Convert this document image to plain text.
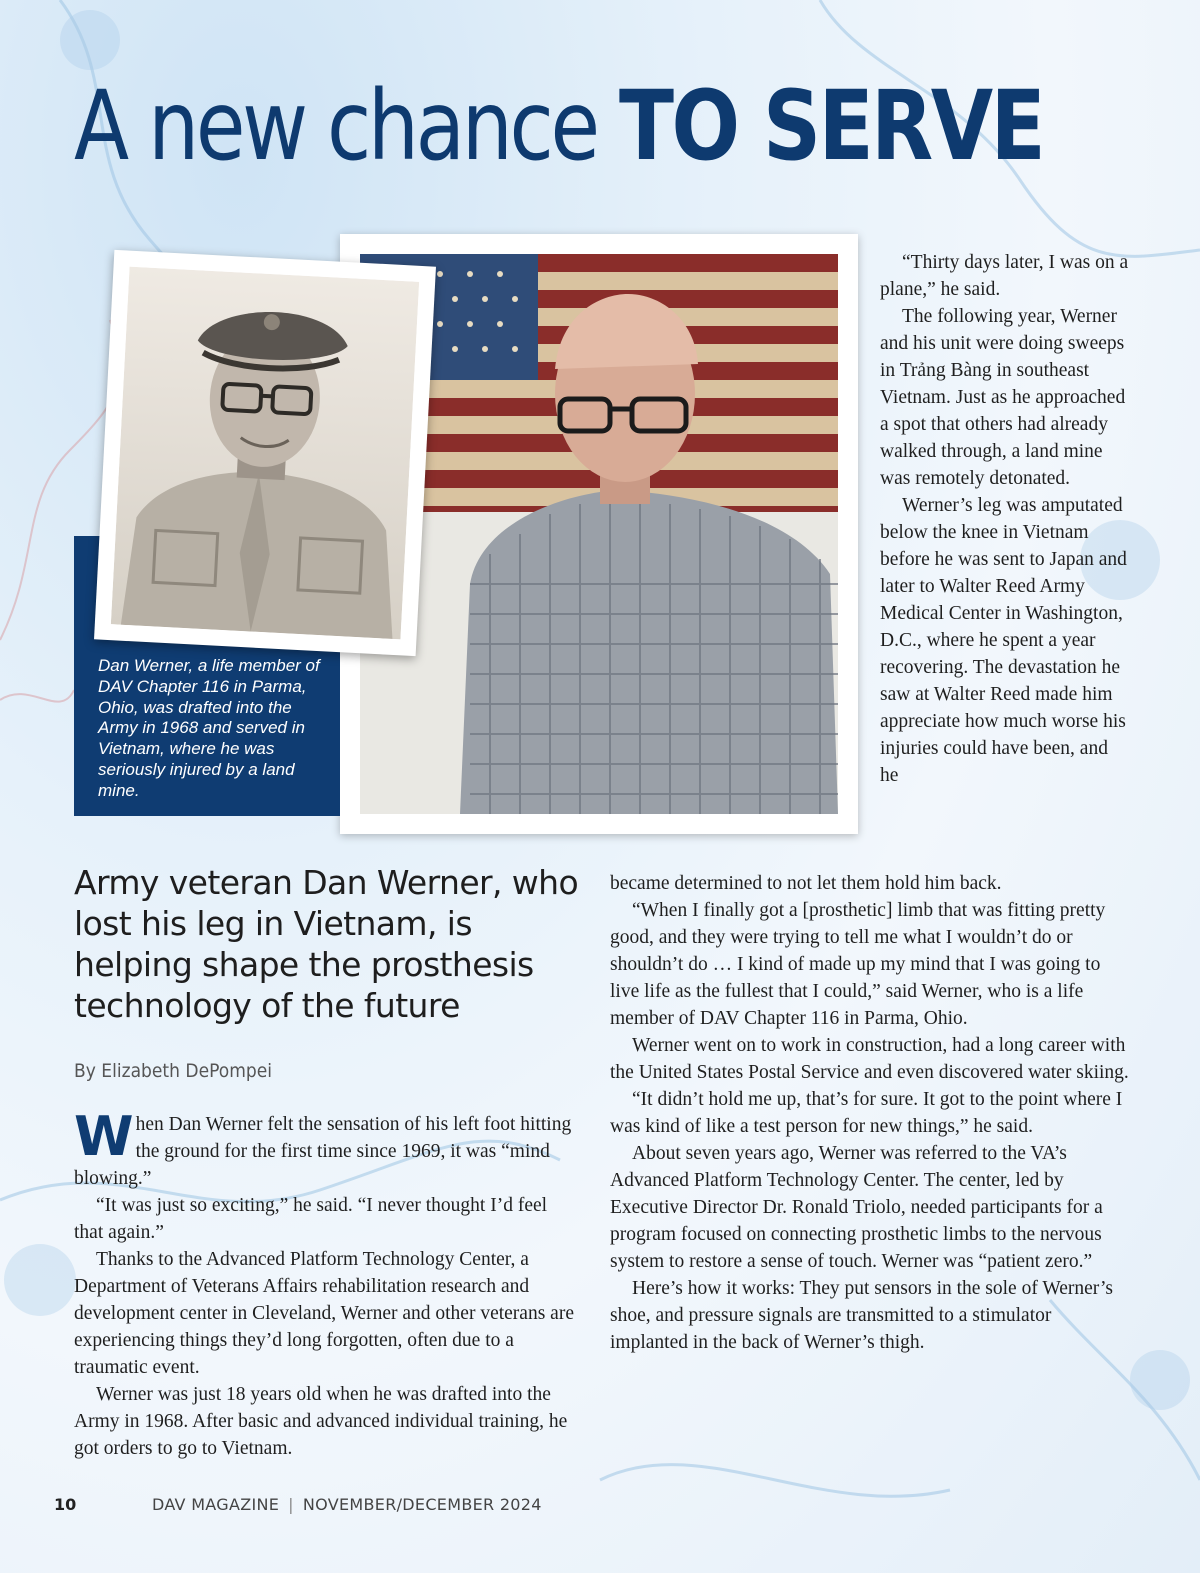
A new chance TO SERVE

Dan Werner, a life member of DAV Chapter 116 in Parma, Ohio, was drafted into the Army in 1968 and served in Vietnam, where he was seriously injured by a land mine.

Army veteran Dan Werner, who lost his leg in Vietnam, is helping shape the prosthesis technology of the future

By Elizabeth DePompei

When Dan Werner felt the sensation of his left foot hitting the ground for the first time since 1969, it was “mind blowing.”

“It was just so exciting,” he said. “I never thought I’d feel that again.”

Thanks to the Advanced Platform Technology Center, a Department of Veterans Affairs rehabilitation research and development center in Cleveland, Werner and other veterans are experiencing things they’d long forgotten, often due to a traumatic event.

Werner was just 18 years old when he was drafted into the Army in 1968. After basic and advanced individual training, he got orders to go to Vietnam.

“Thirty days later, I was on a plane,” he said.

The following year, Werner and his unit were doing sweeps in Trảng Bàng in southeast Vietnam. Just as he approached a spot that others had already walked through, a land mine was remotely detonated.

Werner’s leg was amputated below the knee in Vietnam before he was sent to Japan and later to Walter Reed Army Medical Center in Washington, D.C., where he spent a year recovering. The devastation he saw at Walter Reed made him appreciate how much worse his injuries could have been, and he

became determined to not let them hold him back.

“When I finally got a [prosthetic] limb that was fitting pretty good, and they were trying to tell me what I wouldn’t do or shouldn’t do … I kind of made up my mind that I was going to live life as the fullest that I could,” said Werner, who is a life member of DAV Chapter 116 in Parma, Ohio.

Werner went on to work in construction, had a long career with the United States Postal Service and even discovered water skiing.

“It didn’t hold me up, that’s for sure. It got to the point where I was kind of like a test person for new things,” he said.

About seven years ago, Werner was referred to the VA’s Advanced Platform Technology Center. The center, led by Executive Director Dr. Ronald Triolo, needed participants for a program focused on connecting prosthetic limbs to the nervous system to restore a sense of touch. Werner was “patient zero.”

Here’s how it works: They put sensors in the sole of Werner’s shoe, and pressure signals are transmitted to a stimulator implanted in the back of Werner’s thigh.

10	DAV MAGAZINE | NOVEMBER/DECEMBER 2024
